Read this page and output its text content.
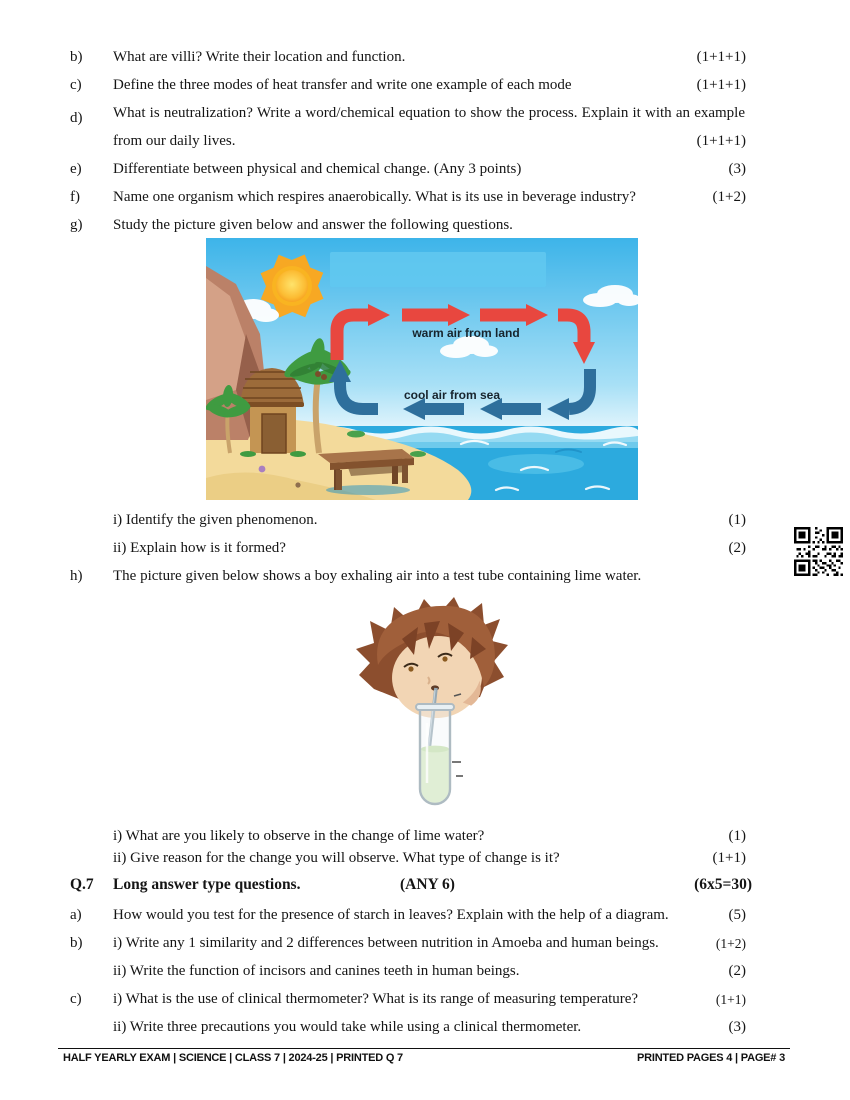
b)	What are villi? Write their location and function.	(1+1+1)
c)	Define the three modes of heat transfer and write one example of each mode	(1+1+1)
d)	What is neutralization? Write a word/chemical equation to show the process. Explain it with an example from our daily lives.	(1+1+1)
e)	Differentiate between physical and chemical change. (Any 3 points)	(3)
f)	Name one organism which respires anaerobically. What is its use in beverage industry?	(1+2)
g)	Study the picture given below and answer the following questions.
warm air from land
cool air from sea
i) Identify the given phenomenon.	(1)
ii) Explain how is it formed?	(2)
h)	The picture given below shows a boy exhaling air into a test tube containing lime water.
i) What are you likely to observe in the change of lime water?	(1)
ii) Give reason for the change you will observe. What type of change is it?	(1+1)
Q.7 Long answer type questions.	(ANY 6)	(6x5=30)
a)	How would you test for the presence of starch in leaves? Explain with the help of a diagram.	(5)
b)	i) Write any 1 similarity and 2 differences between nutrition in Amoeba and human beings.	(1+2)
ii) Write the function of incisors and canines teeth in human beings.	(2)
c)	i) What is the use of clinical thermometer? What is its range of measuring temperature?	(1+1)
ii) Write three precautions you would take while using a clinical thermometer.	(3)
HALF YEARLY EXAM | SCIENCE | CLASS 7 | 2024-25 | PRINTED Q 7	PRINTED PAGES 4 | PAGE# 3
